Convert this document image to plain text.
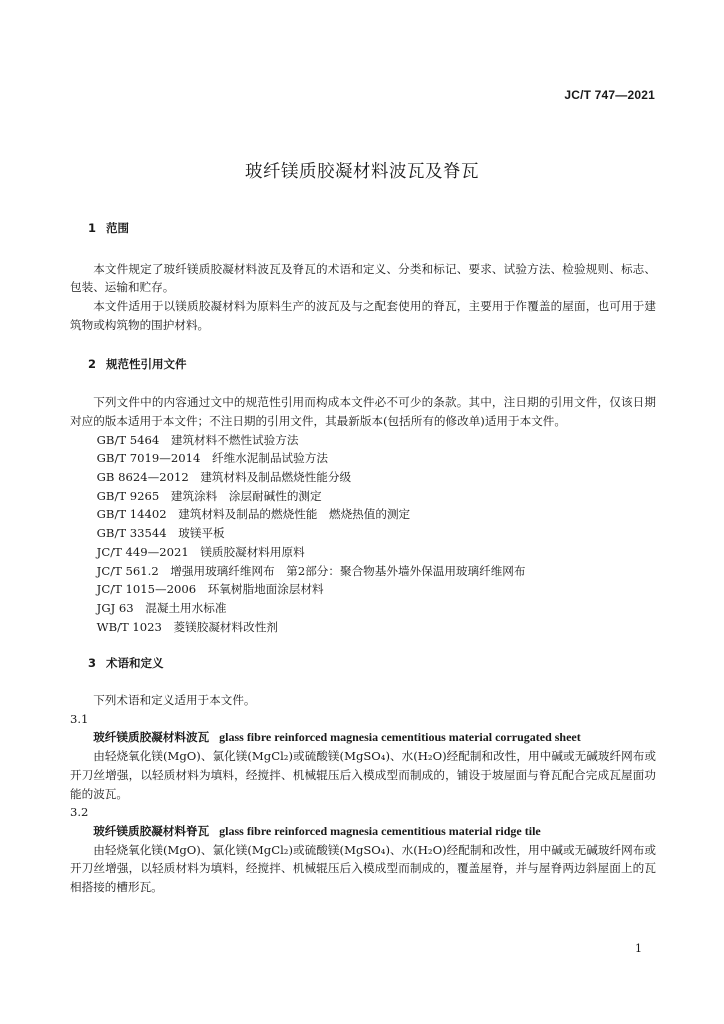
JC/T 747—2021
玻纤镁质胶凝材料波瓦及脊瓦

1 范围

本文件规定了玻纤镁质胶凝材料波瓦及脊瓦的术语和定义、分类和标记、要求、试验方法、检验规则、标志、包装、运输和贮存。

本文件适用于以镁质胶凝材料为原料生产的波瓦及与之配套使用的脊瓦，主要用于作覆盖的屋面，也可用于建筑物或构筑物的围护材料。

2 规范性引用文件

下列文件中的内容通过文中的规范性引用而构成本文件必不可少的条款。其中，注日期的引用文件，仅该日期对应的版本适用于本文件；不注日期的引用文件，其最新版本(包括所有的修改单)适用于本文件。

GB/T 5464　建筑材料不燃性试验方法

GB/T 7019—2014　纤维水泥制品试验方法

GB 8624—2012　建筑材料及制品燃烧性能分级

GB/T 9265　建筑涂料　涂层耐碱性的测定

GB/T 14402　建筑材料及制品的燃烧性能　燃烧热值的测定

GB/T 33544　玻镁平板

JC/T 449—2021　镁质胶凝材料用原料

JC/T 561.2　增强用玻璃纤维网布　第2部分：聚合物基外墙外保温用玻璃纤维网布

JC/T 1015—2006　环氧树脂地面涂层材料

JGJ 63　混凝土用水标准

WB/T 1023　菱镁胶凝材料改性剂

3 术语和定义

下列术语和定义适用于本文件。

3.1

玻纤镁质胶凝材料波瓦 glass fibre reinforced magnesia cementitious material corrugated sheet

由轻烧氧化镁(MgO)、氯化镁(MgCl₂)或硫酸镁(MgSO₄)、水(H₂O)经配制和改性，用中碱或无碱玻纤网布或开刀丝增强，以轻质材料为填料，经搅拌、机械辊压后入模成型而制成的，铺设于坡屋面与脊瓦配合完成瓦屋面功能的波瓦。

3.2

玻纤镁质胶凝材料脊瓦 glass fibre reinforced magnesia cementitious material ridge tile

由轻烧氧化镁(MgO)、氯化镁(MgCl₂)或硫酸镁(MgSO₄)、水(H₂O)经配制和改性，用中碱或无碱玻纤网布或开刀丝增强，以轻质材料为填料，经搅拌、机械辊压后入模成型而制成的，覆盖屋脊，并与屋脊两边斜屋面上的瓦相搭接的槽形瓦。

1
